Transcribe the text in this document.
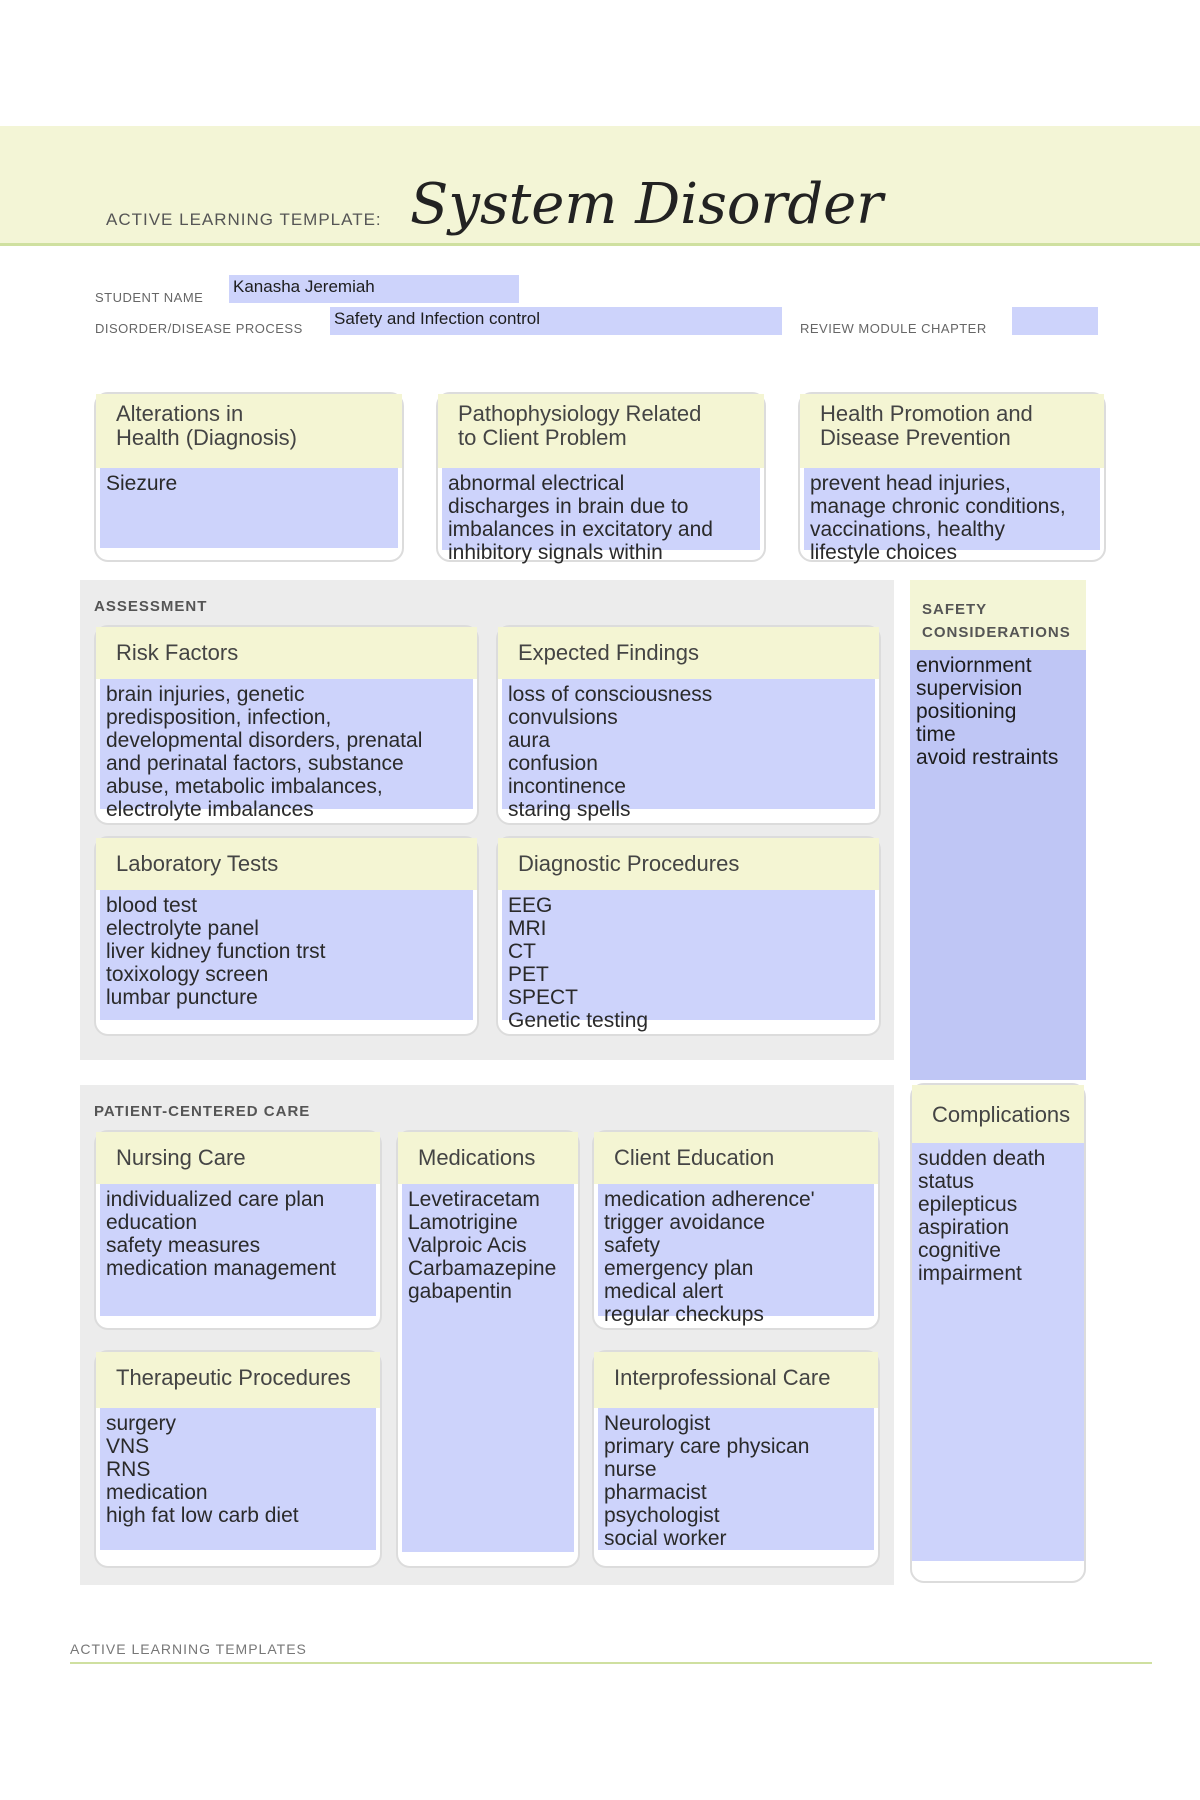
ACTIVE LEARNING TEMPLATE: System Disorder
STUDENT NAME
Kanasha Jeremiah
DISORDER/DISEASE PROCESS
Safety and Infection control
REVIEW MODULE CHAPTER
Alterations in
Health (Diagnosis)
Siezure
Pathophysiology Related
to Client Problem
abnormal electrical
discharges in brain due to
imbalances in excitatory and
inhibitory signals within
Health Promotion and
Disease Prevention
prevent head injuries,
manage chronic conditions,
vaccinations, healthy
lifestyle choices
ASSESSMENT
Risk Factors
brain injuries, genetic
predisposition, infection,
developmental disorders, prenatal
and perinatal factors, substance
abuse, metabolic imbalances,
electrolyte imbalances
Expected Findings
loss of consciousness
convulsions
aura
confusion
incontinence
staring spells
Laboratory Tests
blood test
electrolyte panel
liver kidney function trst
toxixology screen
lumbar puncture
Diagnostic Procedures
EEG
MRI
CT
PET
SPECT
Genetic testing
SAFETY
CONSIDERATIONS
enviornment
supervision
positioning
time
avoid restraints
PATIENT-CENTERED CARE
Nursing Care
individualized care plan
education
safety measures
medication management
Medications
Levetiracetam
Lamotrigine
Valproic Acis
Carbamazepine
gabapentin
Client Education
medication adherence'
trigger avoidance
safety
emergency plan
medical alert
regular checkups
Therapeutic Procedures
surgery
VNS
RNS
medication
high fat low carb diet
Interprofessional Care
Neurologist
primary care physican
nurse
pharmacist
psychologist
social worker
Complications
sudden death
status epilepticus
aspiration
cognitive
impairment
ACTIVE LEARNING TEMPLATES
